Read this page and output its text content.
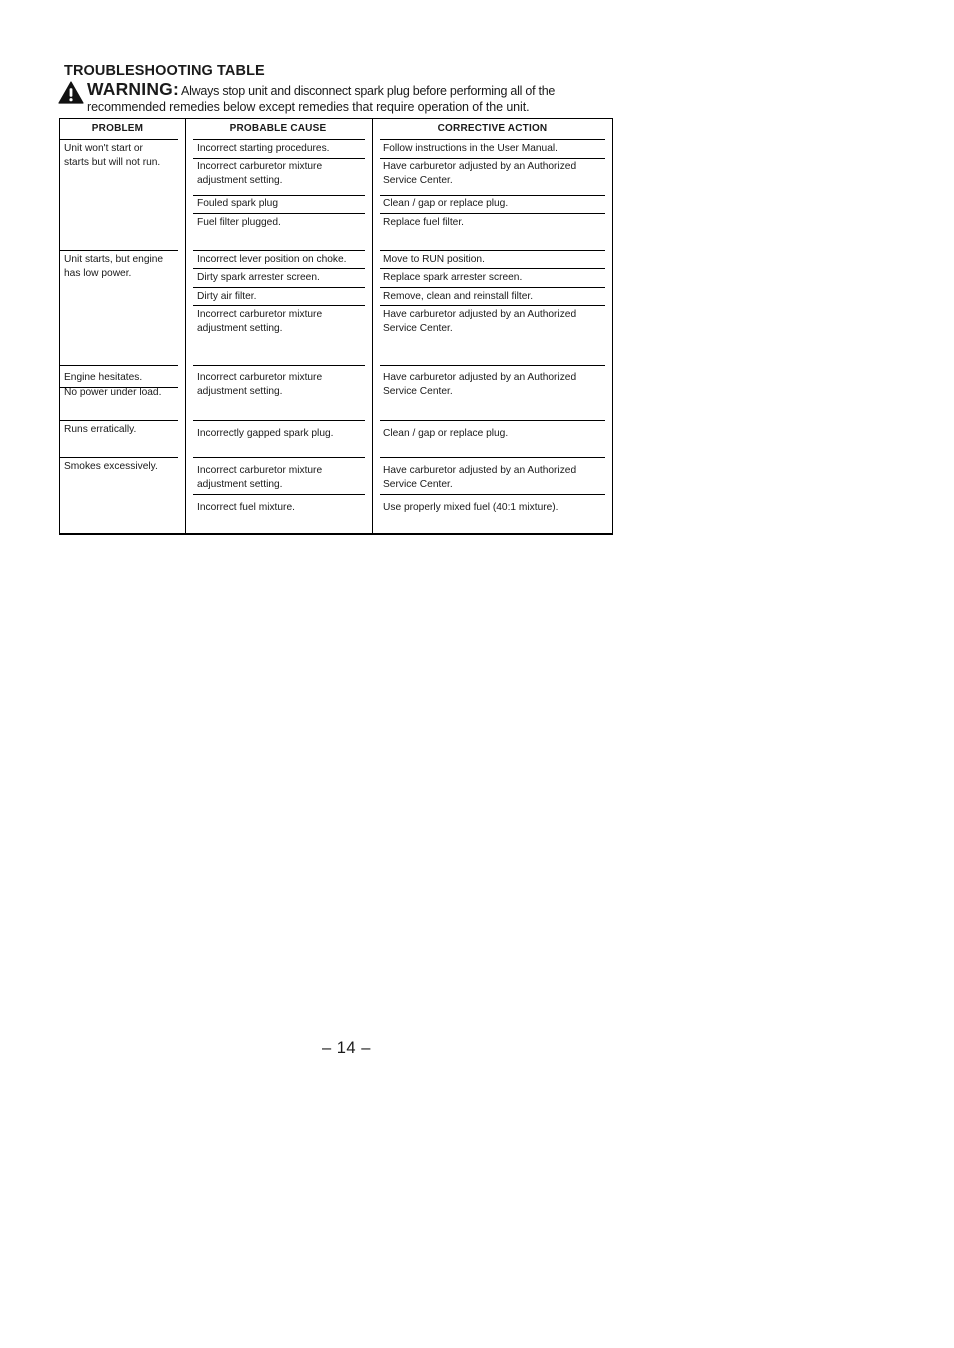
TROUBLESHOOTING TABLE
WARNING: Always stop unit and disconnect spark plug before performing all of the
recommended remedies below except remedies that require operation of the unit.
PROBLEM	PROBABLE CAUSE	CORRECTIVE ACTION
Unit won't start or
starts but will not run.
Unit starts, but engine
has low power.
Engine hesitates.
No power under load.
Runs erratically.
Smokes excessively.
Incorrect starting procedures.
Incorrect carburetor mixture
adjustment setting.
Fouled spark plug
Fuel filter plugged.
Incorrect lever position on choke.
Dirty spark arrester screen.
Dirty air filter.
Incorrect carburetor mixture
adjustment setting.
Incorrect carburetor mixture
adjustment setting.
Incorrectly gapped spark plug.
Incorrect carburetor mixture
adjustment setting.
Incorrect fuel mixture.
Follow instructions in the User Manual.
Have carburetor adjusted by an Authorized
Service Center.
Clean / gap or replace plug.
Replace fuel filter.
Move to RUN position.
Replace spark arrester screen.
Remove, clean and reinstall filter.
Have carburetor adjusted by an Authorized
Service Center.
Have carburetor adjusted by an Authorized
Service Center.
Clean / gap or replace plug.
Have carburetor adjusted by an Authorized
Service Center.
Use properly mixed fuel (40:1 mixture).
– 14 –
